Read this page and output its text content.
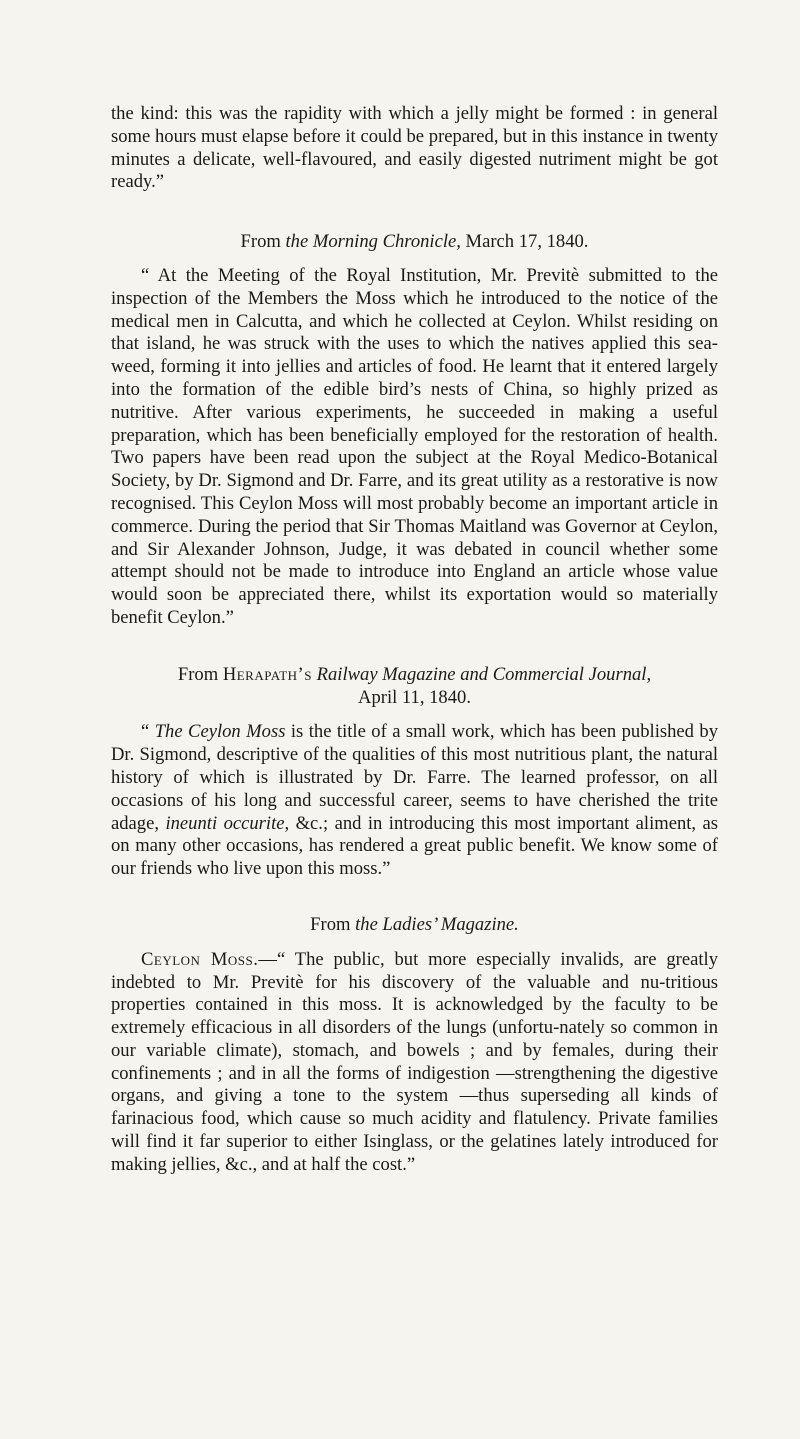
the kind: this was the rapidity with which a jelly might be formed : in general some hours must elapse before it could be prepared, but in this instance in twenty minutes a delicate, well-flavoured, and easily digested nutriment might be got ready.”

From the Morning Chronicle, March 17, 1840.

“ At the Meeting of the Royal Institution, Mr. Previtè submitted to the inspection of the Members the Moss which he introduced to the notice of the medical men in Calcutta, and which he collected at Ceylon. Whilst residing on that island, he was struck with the uses to which the natives applied this sea-weed, forming it into jellies and articles of food. He learnt that it entered largely into the formation of the edible bird’s nests of China, so highly prized as nutritive. After various experiments, he succeeded in making a useful preparation, which has been beneficially employed for the restoration of health. Two papers have been read upon the subject at the Royal Medico-Botanical Society, by Dr. Sigmond and Dr. Farre, and its great utility as a restorative is now recognised. This Ceylon Moss will most probably become an important article in commerce. During the period that Sir Thomas Maitland was Governor at Ceylon, and Sir Alexander Johnson, Judge, it was debated in council whether some attempt should not be made to introduce into England an article whose value would soon be appreciated there, whilst its exportation would so materially benefit Ceylon.”

From Herapath’s Railway Magazine and Commercial Journal,
April 11, 1840.

“ The Ceylon Moss is the title of a small work, which has been published by Dr. Sigmond, descriptive of the qualities of this most nutritious plant, the natural history of which is illustrated by Dr. Farre. The learned professor, on all occasions of his long and successful career, seems to have cherished the trite adage, ineunti occurite, &c.; and in introducing this most important aliment, as on many other occasions, has rendered a great public benefit. We know some of our friends who live upon this moss.”

From the Ladies’ Magazine.

Ceylon Moss.—“ The public, but more especially invalids, are greatly indebted to Mr. Previtè for his discovery of the valuable and nu-tritious properties contained in this moss. It is acknowledged by the faculty to be extremely efficacious in all disorders of the lungs (unfortu-nately so common in our variable climate), stomach, and bowels ; and by females, during their confinements ; and in all the forms of indigestion —strengthening the digestive organs, and giving a tone to the system —thus superseding all kinds of farinacious food, which cause so much acidity and flatulency. Private families will find it far superior to either Isinglass, or the gelatines lately introduced for making jellies, &c., and at half the cost.”
